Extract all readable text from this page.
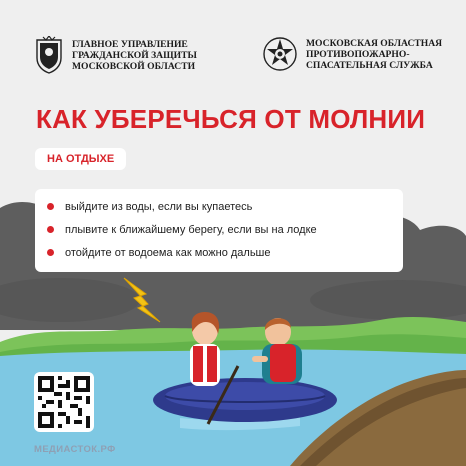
ГЛАВНОЕ УПРАВЛЕНИЕ
ГРАЖДАНСКОЙ ЗАЩИТЫ
МОСКОВСКОЙ ОБЛАСТИ
МОСКОВСКАЯ ОБЛАСТНАЯ
ПРОТИВОПОЖАРНО-
СПАСАТЕЛЬНАЯ СЛУЖБА
КАК УБЕРЕЧЬСЯ ОТ МОЛНИИ
НА ОТДЫХЕ
выйдите из воды, если вы купаетесь
плывите к ближайшему берегу, если вы на лодке
отойдите от водоема как можно дальше
МЕДИАСТОК.РФ
